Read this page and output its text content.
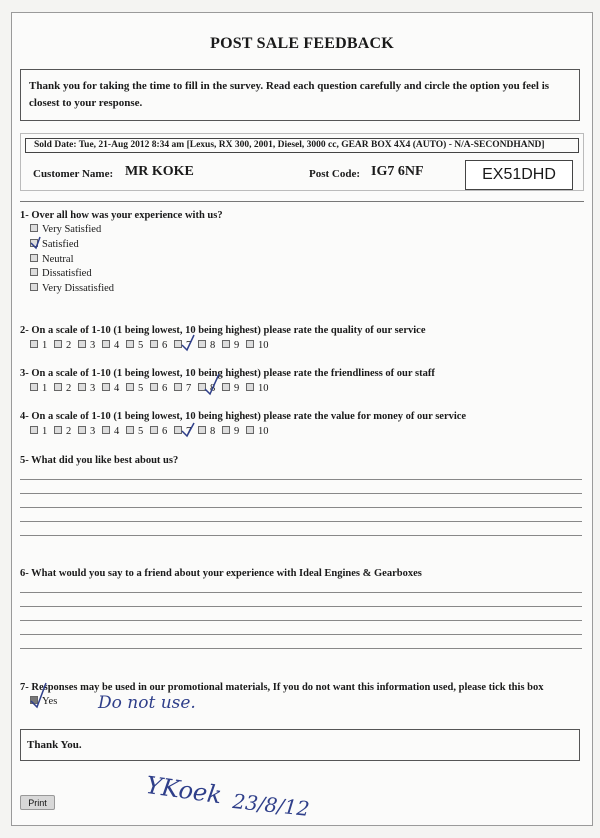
POST SALE FEEDBACK
Thank you for taking the time to fill in the survey. Read each question carefully and circle the option you feel is closest to your response.
Sold Date: Tue, 21-Aug 2012 8:34 am [Lexus, RX 300, 2001, Diesel, 3000 cc, GEAR BOX 4X4 (AUTO) - N/A-SECONDHAND]
Customer Name: MR KOKE	Post Code: IG7 6NF	EX51DHD
1- Over all how was your experience with us?
Very Satisfied
Satisfied
Neutral
Dissatisfied
Very Dissatisfied
2- On a scale of 1-10 (1 being lowest, 10 being highest) please rate the quality of our service
1 2 3 4 5 6 7 8 9 10
3- On a scale of 1-10 (1 being lowest, 10 being highest) please rate the friendliness of our staff
1 2 3 4 5 6 7 8 9 10
4- On a scale of 1-10 (1 being lowest, 10 being highest) please rate the value for money of our service
1 2 3 4 5 6 7 8 9 10
5- What did you like best about us?
6- What would you say to a friend about your experience with Ideal Engines & Gearboxes
7- Responses may be used in our promotional materials, If you do not want this information used, please tick this box
Yes Do not use.
Thank You.
YKoek 23/8/12
Print
